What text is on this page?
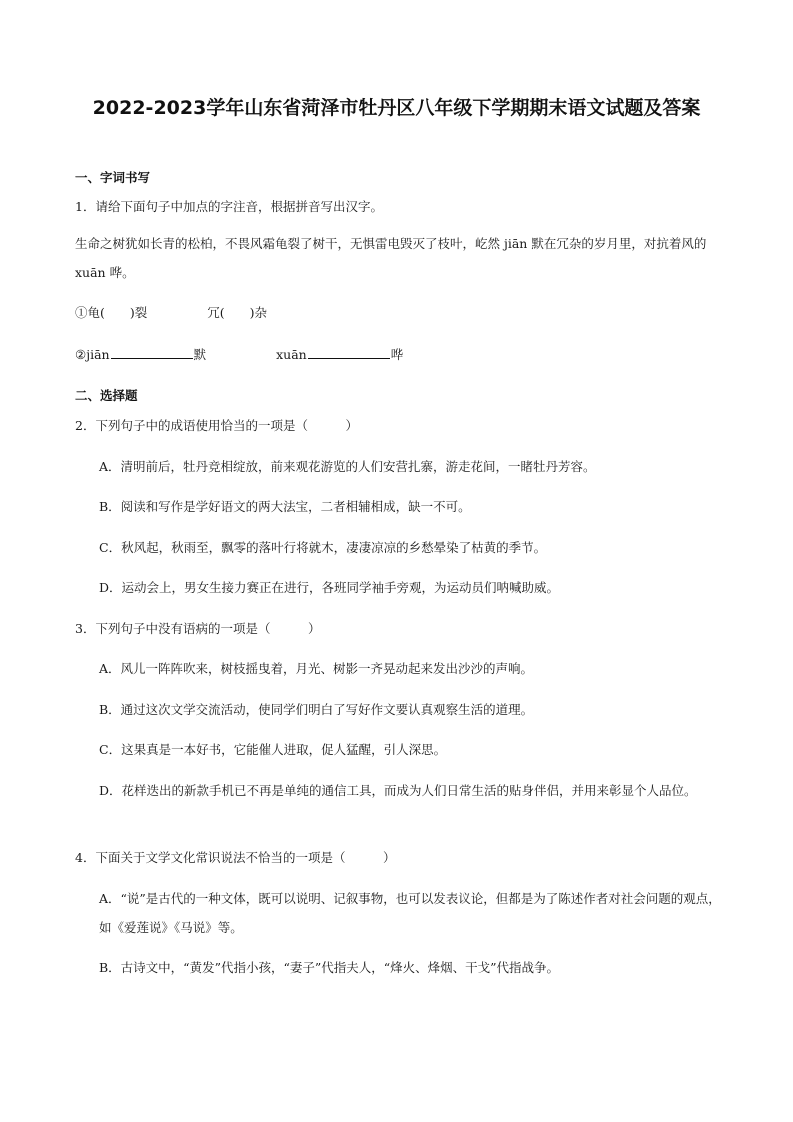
2022-2023学年山东省菏泽市牡丹区八年级下学期期末语文试题及答案
一、字词书写
1．请给下面句子中加点的字注音，根据拼音写出汉字。
生命之树犹如长青的松柏，不畏风霜龟裂了树干，无惧雷电毁灭了枝叶，屹然 jiān 默在冗杂的岁月里，对抗着风的 xuān 哗。
①龟(　　)裂	冗(　　)杂
②jiān	默	xuān	哗
二、选择题
2．下列句子中的成语使用恰当的一项是（　　　）
A．清明前后，牡丹竞相绽放，前来观花游览的人们安营扎寨，游走花间，一睹牡丹芳容。
B．阅读和写作是学好语文的两大法宝，二者相辅相成，缺一不可。
C．秋风起，秋雨至，飘零的落叶行将就木，凄凄凉凉的乡愁晕染了枯黄的季节。
D．运动会上，男女生接力赛正在进行，各班同学袖手旁观，为运动员们呐喊助威。
3．下列句子中没有语病的一项是（　　　）
A．风儿一阵阵吹来，树枝摇曳着，月光、树影一齐晃动起来发出沙沙的声响。
B．通过这次文学交流活动，使同学们明白了写好作文要认真观察生活的道理。
C．这果真是一本好书，它能催人进取，促人猛醒，引人深思。
D．花样迭出的新款手机已不再是单纯的通信工具，而成为人们日常生活的贴身伴侣，并用来彰显个人品位。
4．下面关于文学文化常识说法不恰当的一项是（　　　）
A．“说”是古代的一种文体，既可以说明、记叙事物，也可以发表议论，但都是为了陈述作者对社会问题的观点，如《爱莲说》《马说》等。
B．古诗文中，“黄发”代指小孩，“妻子”代指夫人，“烽火、烽烟、干戈”代指战争。
